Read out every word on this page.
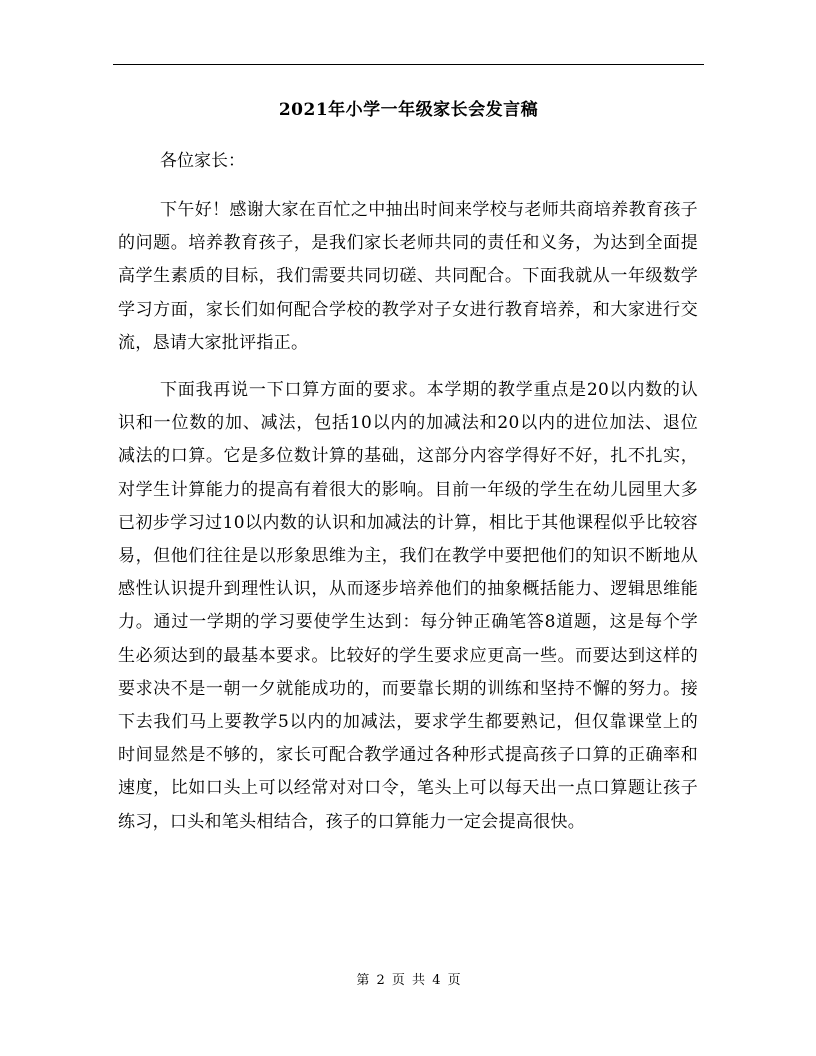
2021年小学一年级家长会发言稿

各位家长：

下午好！感谢大家在百忙之中抽出时间来学校与老师共商培养教育孩子的问题。培养教育孩子，是我们家长老师共同的责任和义务，为达到全面提高学生素质的目标，我们需要共同切磋、共同配合。下面我就从一年级数学学习方面，家长们如何配合学校的教学对子女进行教育培养，和大家进行交流，恳请大家批评指正。

下面我再说一下口算方面的要求。本学期的教学重点是20以内数的认识和一位数的加、减法，包括10以内的加减法和20以内的进位加法、退位减法的口算。它是多位数计算的基础，这部分内容学得好不好，扎不扎实，对学生计算能力的提高有着很大的影响。目前一年级的学生在幼儿园里大多已初步学习过10以内数的认识和加减法的计算，相比于其他课程似乎比较容易，但他们往往是以形象思维为主，我们在教学中要把他们的知识不断地从感性认识提升到理性认识，从而逐步培养他们的抽象概括能力、逻辑思维能力。通过一学期的学习要使学生达到：每分钟正确笔答8道题，这是每个学生必须达到的最基本要求。比较好的学生要求应更高一些。而要达到这样的要求决不是一朝一夕就能成功的，而要靠长期的训练和坚持不懈的努力。接下去我们马上要教学5以内的加减法，要求学生都要熟记，但仅靠课堂上的时间显然是不够的，家长可配合教学通过各种形式提高孩子口算的正确率和速度，比如口头上可以经常对对口令，笔头上可以每天出一点口算题让孩子练习，口头和笔头相结合，孩子的口算能力一定会提高很快。

第 2 页 共 4 页
